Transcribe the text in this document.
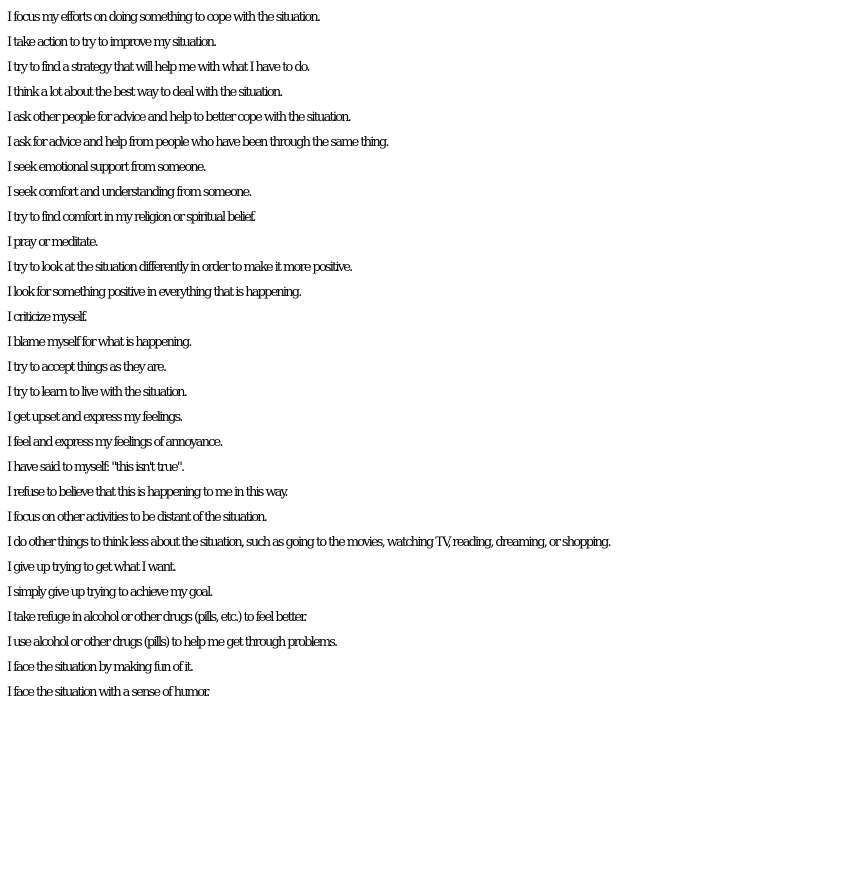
I focus my efforts on doing something to cope with the situation.
I take action to try to improve my situation.
I try to find a strategy that will help me with what I have to do.
I think a lot about the best way to deal with the situation.
I ask other people for advice and help to better cope with the situation.
I ask for advice and help from people who have been through the same thing.
I seek emotional support from someone.
I seek comfort and understanding from someone.
I try to find comfort in my religion or spiritual belief.
I pray or meditate.
I try to look at the situation differently in order to make it more positive.
I look for something positive in everything that is happening.
I criticize myself.
I blame myself for what is happening.
I try to accept things as they are.
I try to learn to live with the situation.
I get upset and express my feelings.
I feel and express my feelings of annoyance.
I have said to myself: "this isn't true".
I refuse to believe that this is happening to me in this way.
I focus on other activities to be distant of the situation.
I do other things to think less about the situation, such as going to the movies, watching TV, reading, dreaming, or shopping.
I give up trying to get what I want.
I simply give up trying to achieve my goal.
I take refuge in alcohol or other drugs (pills, etc.) to feel better.
I use alcohol or other drugs (pills) to help me get through problems.
I face the situation by making fun of it.
I face the situation with a sense of humor.
